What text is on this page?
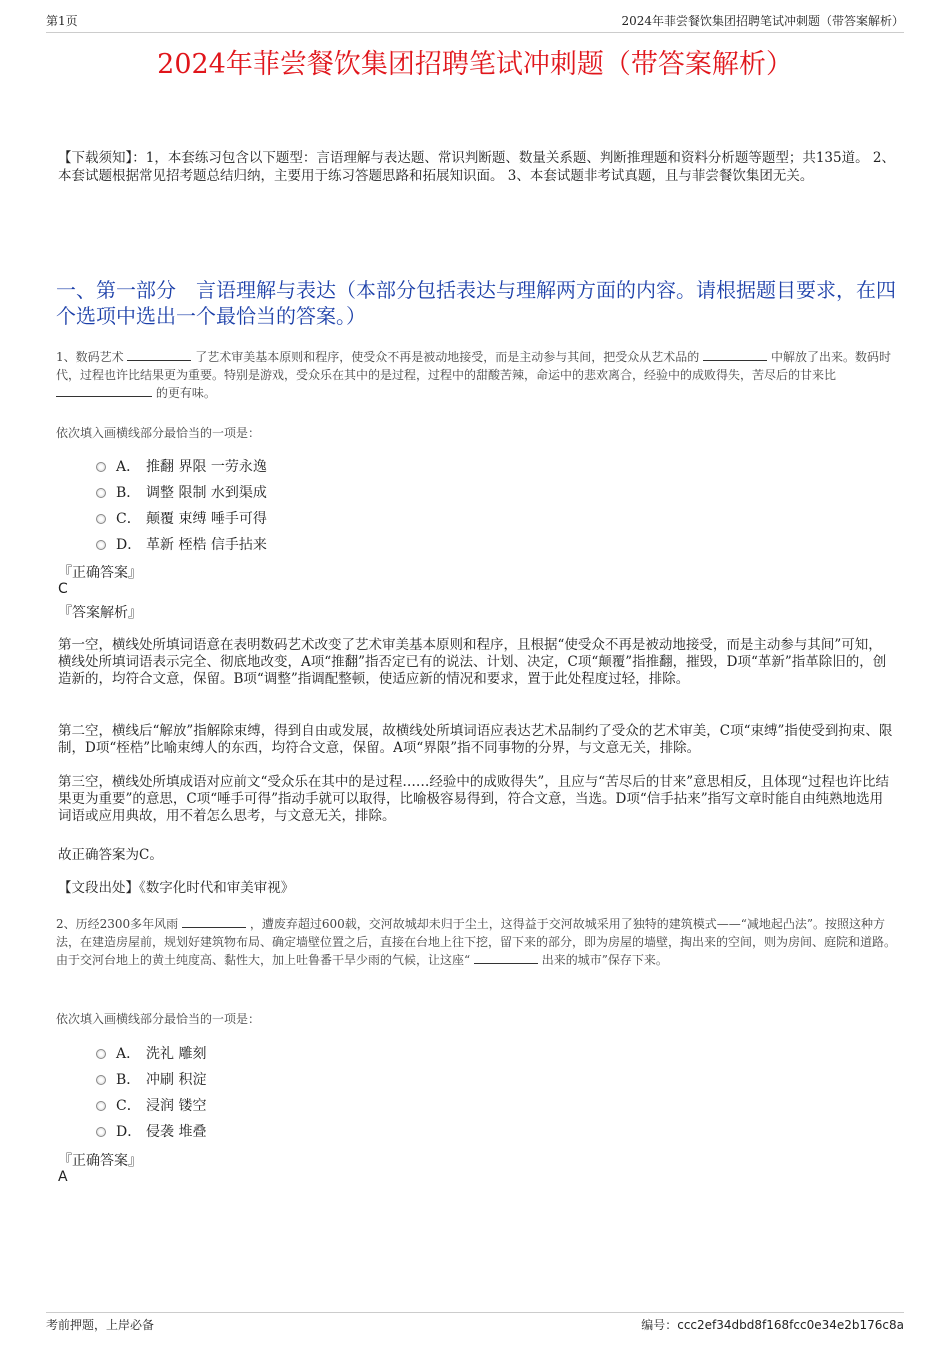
第1页	2024年菲尝餐饮集团招聘笔试冲刺题（带答案解析）
2024年菲尝餐饮集团招聘笔试冲刺题（带答案解析）
【下载须知】：1，本套练习包含以下题型：言语理解与表达题、常识判断题、数量关系题、判断推理题和资料分析题等题型；共135道。 2、本套试题根据常见招考题总结归纳，主要用于练习答题思路和拓展知识面。 3、本套试题非考试真题，且与菲尝餐饮集团无关。
一、第一部分　言语理解与表达（本部分包括表达与理解两方面的内容。请根据题目要求，在四个选项中选出一个最恰当的答案。）
1、数码艺术	了艺术审美基本原则和程序，使受众不再是被动地接受，而是主动参与其间，把受众从艺术品的	中解放了出来。数码时代，过程也许比结果更为重要。特别是游戏，受众乐在其中的是过程，过程中的甜酸苦辣，命运中的悲欢离合，经验中的成败得失，苦尽后的甘来比  的更有味。
依次填入画横线部分最恰当的一项是：
A． 推翻 界限 一劳永逸
B． 调整 限制 水到渠成
C． 颠覆 束缚 唾手可得
D． 革新 桎梏 信手拈来
『正确答案』
C
『答案解析』
第一空，横线处所填词语意在表明数码艺术改变了艺术审美基本原则和程序，且根据“使受众不再是被动地接受，而是主动参与其间”可知，横线处所填词语表示完全、彻底地改变，A项“推翻”指否定已有的说法、计划、决定，C项“颠覆”指推翻，摧毁，D项“革新”指革除旧的，创造新的，均符合文意，保留。B项“调整”指调配整顿，使适应新的情况和要求，置于此处程度过轻，排除。
第二空，横线后“解放”指解除束缚，得到自由或发展，故横线处所填词语应表达艺术品制约了受众的艺术审美，C项“束缚”指使受到拘束、限制，D项“桎梏”比喻束缚人的东西，均符合文意，保留。A项“界限”指不同事物的分界，与文意无关，排除。
第三空，横线处所填成语对应前文“受众乐在其中的是过程……经验中的成败得失”，且应与“苦尽后的甘来”意思相反，且体现“过程也许比结果更为重要”的意思，C项“唾手可得”指动手就可以取得，比喻极容易得到，符合文意，当选。D项“信手拈来”指写文章时能自由纯熟地选用词语或应用典故，用不着怎么思考，与文意无关，排除。
故正确答案为C。
【文段出处】《数字化时代和审美审视》
2、历经2300多年风雨	，遭废弃超过600载，交河故城却未归于尘土，这得益于交河故城采用了独特的建筑模式——“减地起凸法”。按照这种方法，在建造房屋前，规划好建筑物布局、确定墙壁位置之后，直接在台地上往下挖，留下来的部分，即为房屋的墙壁，掏出来的空间，则为房间、庭院和道路。由于交河台地上的黄土纯度高、黏性大，加上吐鲁番干旱少雨的气候，让这座“	出来的城市”保存下来。
依次填入画横线部分最恰当的一项是：
A． 洗礼 雕刻
B． 冲刷 积淀
C． 浸润 镂空
D． 侵袭 堆叠
『正确答案』
A
考前押题，上岸必备	编号：ccc2ef34dbd8f168fcc0e34e2b176c8a
